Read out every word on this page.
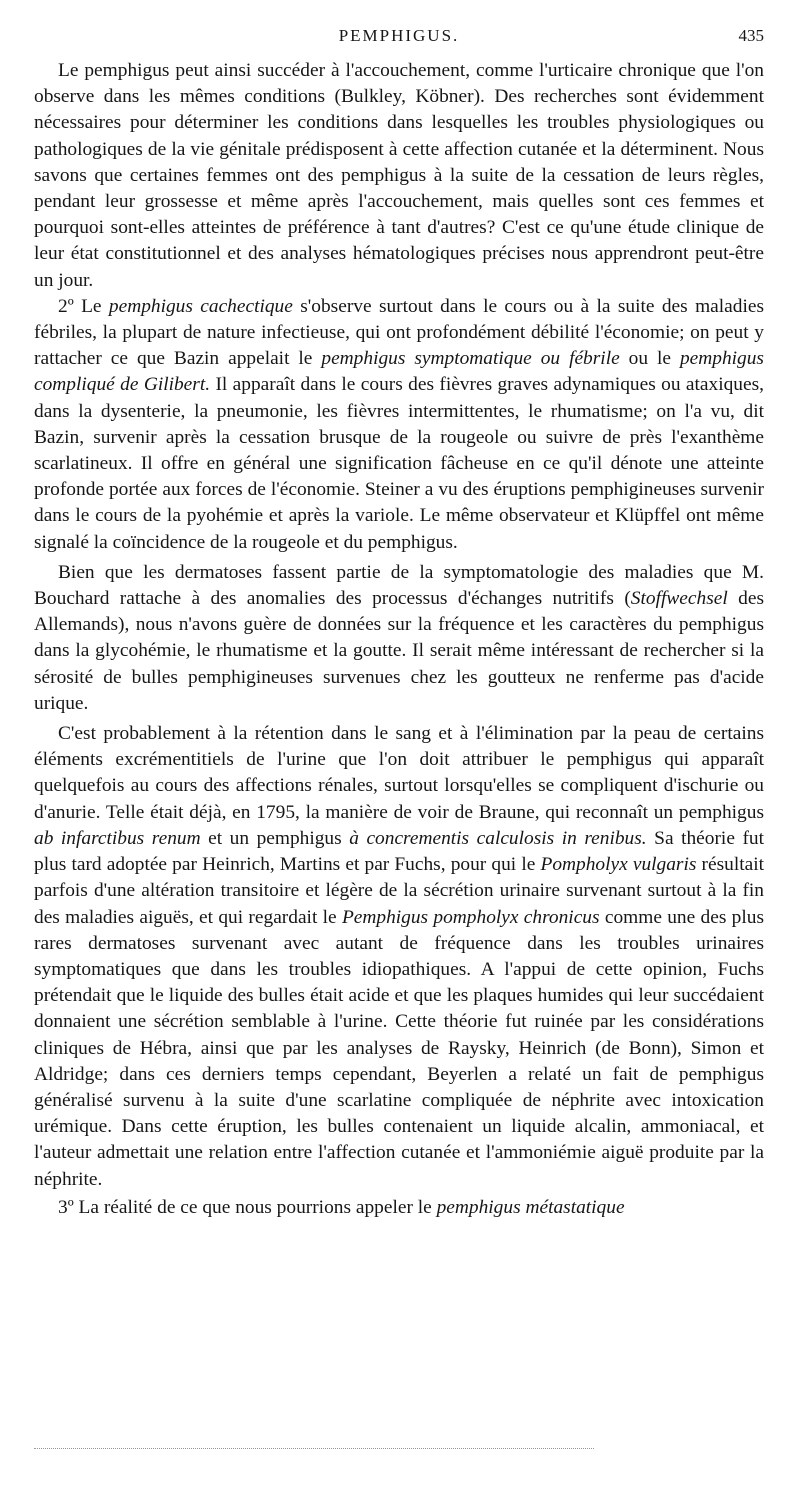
PEMPHIGUS.	435

Le pemphigus peut ainsi succéder à l'accouchement, comme l'urticaire chronique que l'on observe dans les mêmes conditions (Bulkley, Köbner). Des recherches sont évidemment nécessaires pour déterminer les conditions dans lesquelles les troubles physiologiques ou pathologiques de la vie génitale prédisposent à cette affection cutanée et la déterminent. Nous savons que certaines femmes ont des pemphigus à la suite de la cessation de leurs règles, pendant leur grossesse et même après l'accouchement, mais quelles sont ces femmes et pourquoi sont-elles atteintes de préférence à tant d'autres? C'est ce qu'une étude clinique de leur état constitutionnel et des analyses hématologiques précises nous apprendront peut-être un jour.

2º Le pemphigus cachectique s'observe surtout dans le cours ou à la suite des maladies fébriles, la plupart de nature infectieuse, qui ont profondément débilité l'économie; on peut y rattacher ce que Bazin appelait le pemphigus symptomatique ou fébrile ou le pemphigus compliqué de Gilibert. Il apparaît dans le cours des fièvres graves adynamiques ou ataxiques, dans la dysenterie, la pneumonie, les fièvres intermittentes, le rhumatisme; on l'a vu, dit Bazin, survenir après la cessation brusque de la rougeole ou suivre de près l'exanthème scarlatineux. Il offre en général une signification fâcheuse en ce qu'il dénote une atteinte profonde portée aux forces de l'économie. Steiner a vu des éruptions pemphigineuses survenir dans le cours de la pyohémie et après la variole. Le même observateur et Klüpffel ont même signalé la coïncidence de la rougeole et du pemphigus.

Bien que les dermatoses fassent partie de la symptomatologie des maladies que M. Bouchard rattache à des anomalies des processus d'échanges nutritifs (Stoffwechsel des Allemands), nous n'avons guère de données sur la fréquence et les caractères du pemphigus dans la glycohémie, le rhumatisme et la goutte. Il serait même intéressant de rechercher si la sérosité de bulles pemphigineuses survenues chez les goutteux ne renferme pas d'acide urique.

C'est probablement à la rétention dans le sang et à l'élimination par la peau de certains éléments excrémentitiels de l'urine que l'on doit attribuer le pemphigus qui apparaît quelquefois au cours des affections rénales, surtout lorsqu'elles se compliquent d'ischurie ou d'anurie. Telle était déjà, en 1795, la manière de voir de Braune, qui reconnaît un pemphigus ab infarctibus renum et un pemphigus à concrementis calculosis in renibus. Sa théorie fut plus tard adoptée par Heinrich, Martins et par Fuchs, pour qui le Pompholyx vulgaris résultait parfois d'une altération transitoire et légère de la sécrétion urinaire survenant surtout à la fin des maladies aiguës, et qui regardait le Pemphigus pompholyx chronicus comme une des plus rares dermatoses survenant avec autant de fréquence dans les troubles urinaires symptomatiques que dans les troubles idiopathiques. A l'appui de cette opinion, Fuchs prétendait que le liquide des bulles était acide et que les plaques humides qui leur succédaient donnaient une sécrétion semblable à l'urine. Cette théorie fut ruinée par les considérations cliniques de Hébra, ainsi que par les analyses de Raysky, Heinrich (de Bonn), Simon et Aldridge; dans ces derniers temps cependant, Beyerlen a relaté un fait de pemphigus généralisé survenu à la suite d'une scarlatine compliquée de néphrite avec intoxication urémique. Dans cette éruption, les bulles contenaient un liquide alcalin, ammoniacal, et l'auteur admettait une relation entre l'affection cutanée et l'ammoniémie aiguë produite par la néphrite.

3º La réalité de ce que nous pourrions appeler le pemphigus métastatique
